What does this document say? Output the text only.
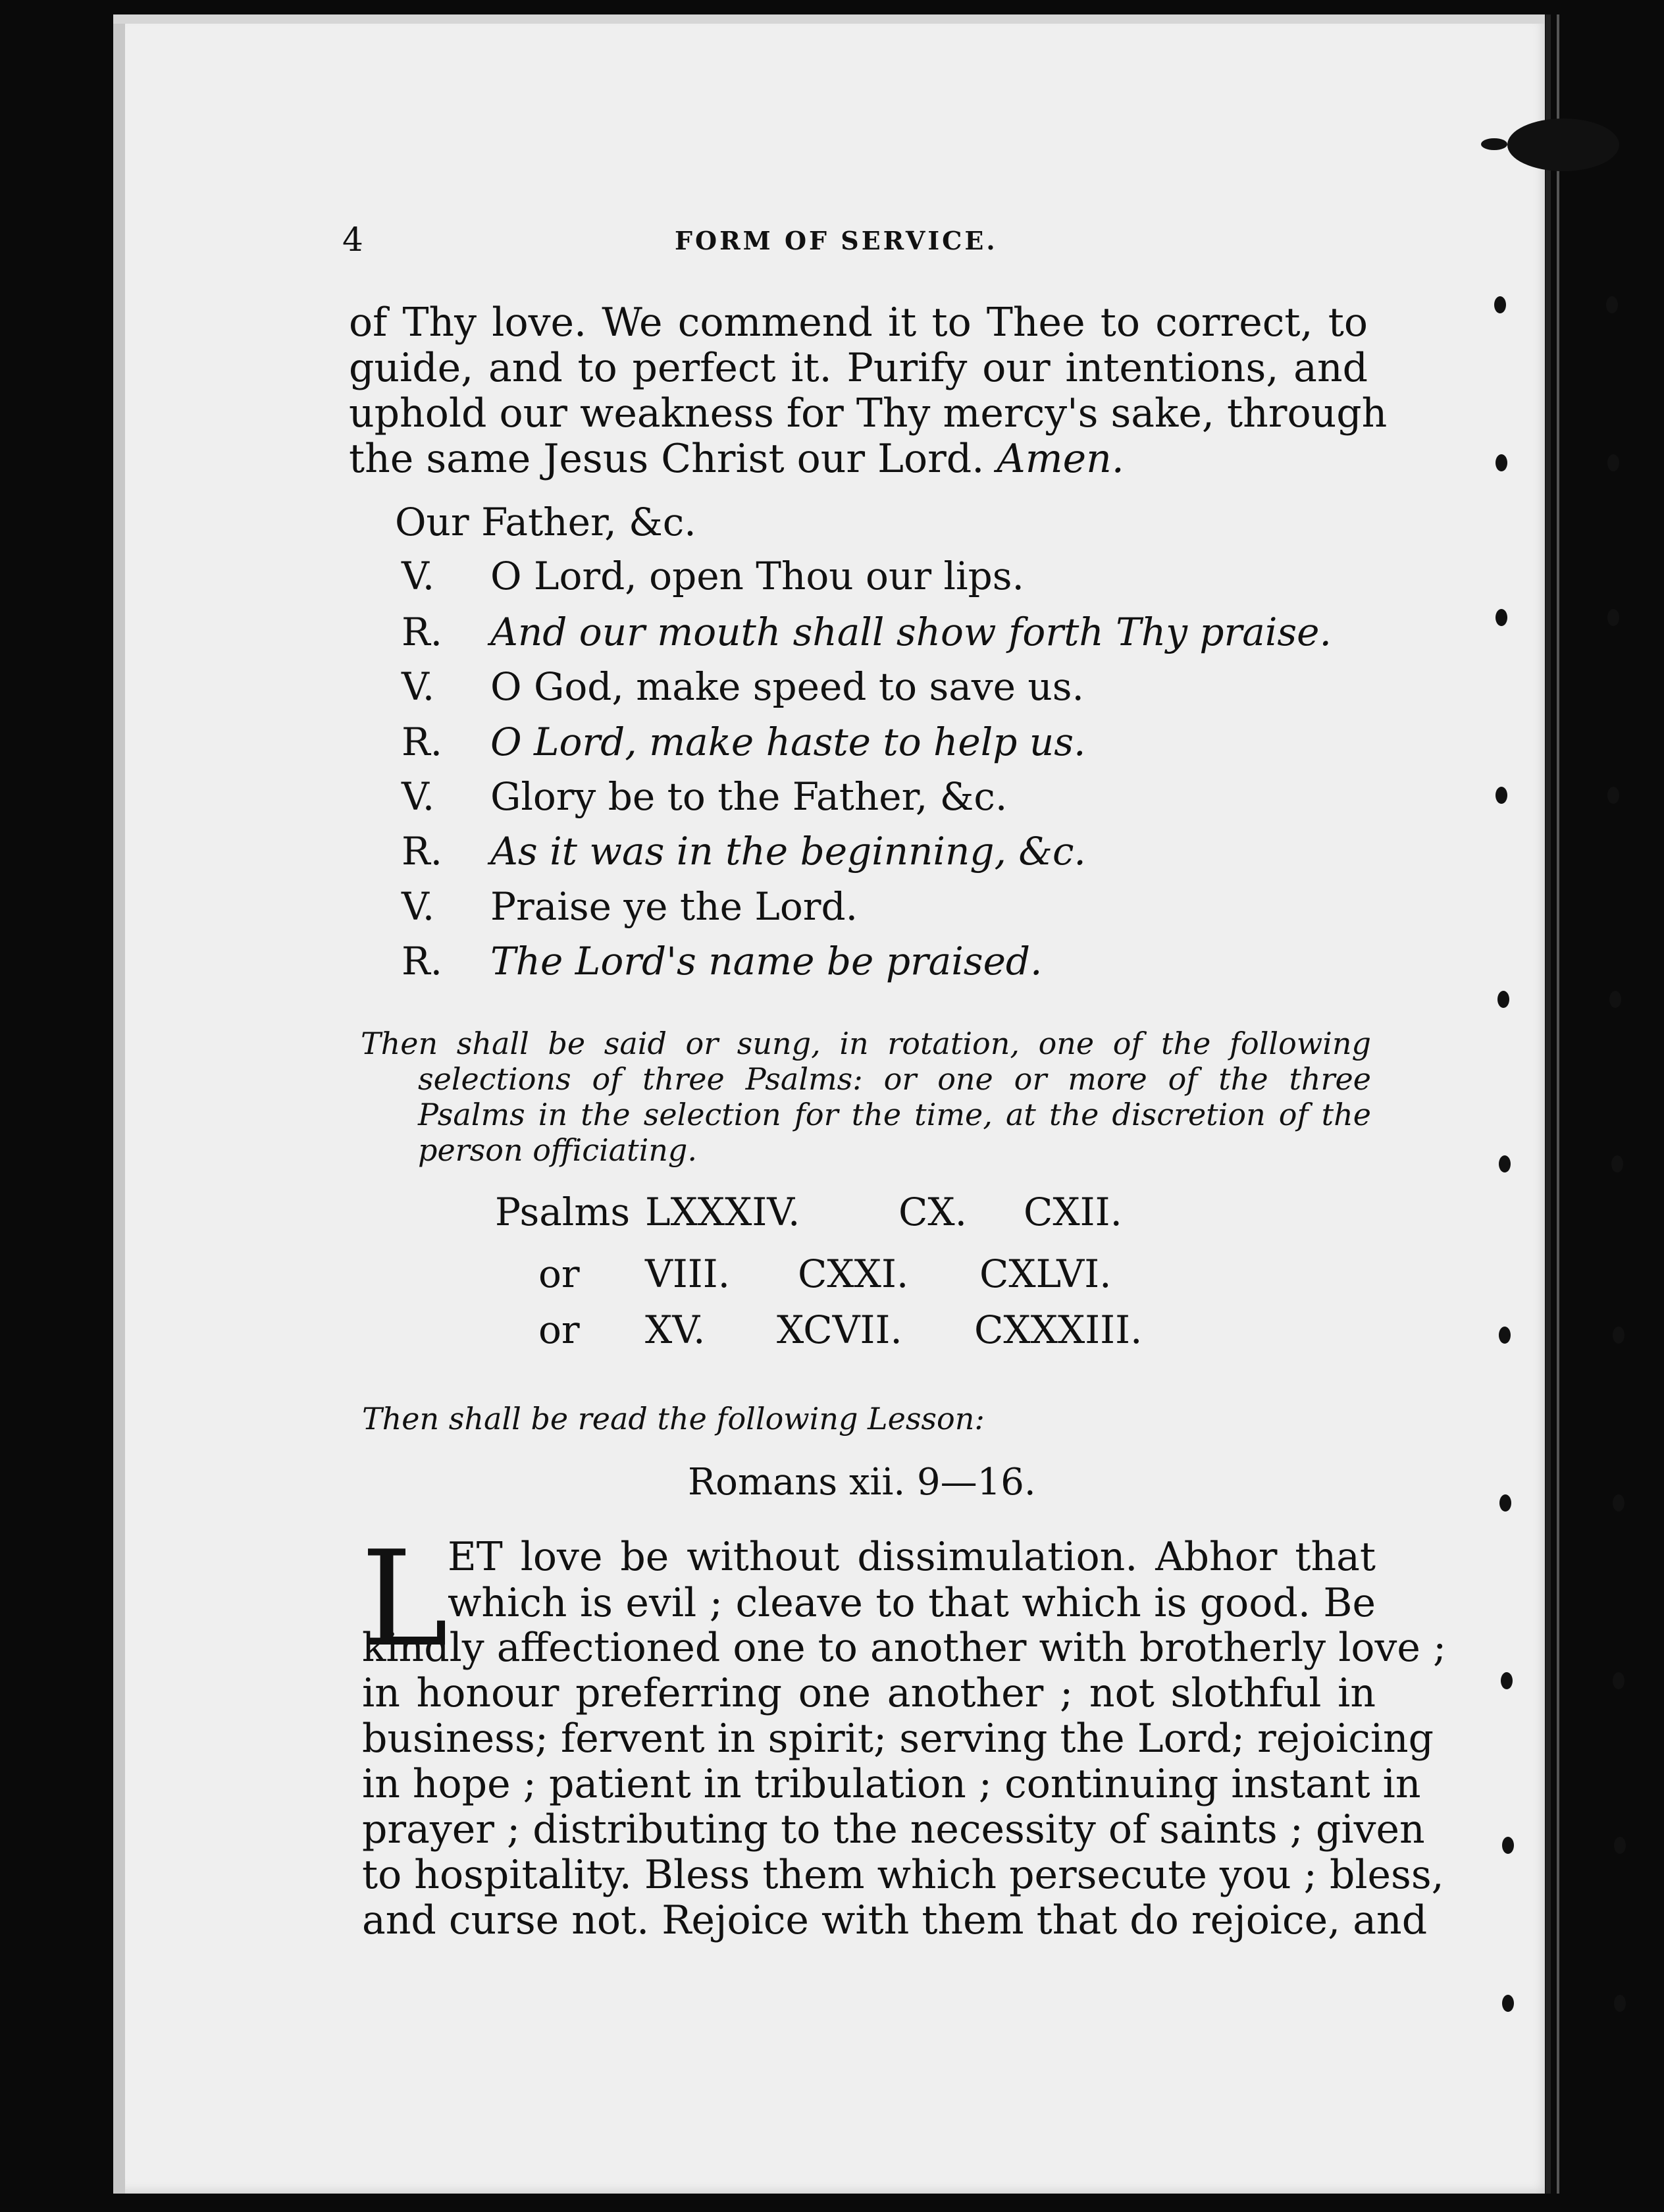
4	FORM OF SERVICE.
of Thy love. We commend it to Thee to correct, to
guide, and to perfect it. Purify our intentions, and
uphold our weakness for Thy mercy's sake, through
the same Jesus Christ our Lord. Amen.
Our Father, &c.
V. O Lord, open Thou our lips.
R. And our mouth shall show forth Thy praise.
V. O God, make speed to save us.
R. O Lord, make haste to help us.
V. Glory be to the Father, &c.
R. As it was in the beginning, &c.
V. Praise ye the Lord.
R. The Lord's name be praised.
Then shall be said or sung, in rotation, one of the following
selections of three Psalms: or one or more of the three
Psalms in the selection for the time, at the discretion of the
person officiating.
Psalms LXXXIV.	CX. CXII.
or VIII. CXXI. CXLVI.
or XV. XCVII. CXXXIII.
Then shall be read the following Lesson:
Romans xii. 9—16.
L ET love be without dissimulation. Abhor that
which is evil ; cleave to that which is good. Be
kindly affectioned one to another with brotherly love ;
in honour preferring one another ; not slothful in
business; fervent in spirit; serving the Lord; rejoicing
in hope ; patient in tribulation ; continuing instant in
prayer ; distributing to the necessity of saints ; given
to hospitality. Bless them which persecute you ; bless,
and curse not. Rejoice with them that do rejoice, and
